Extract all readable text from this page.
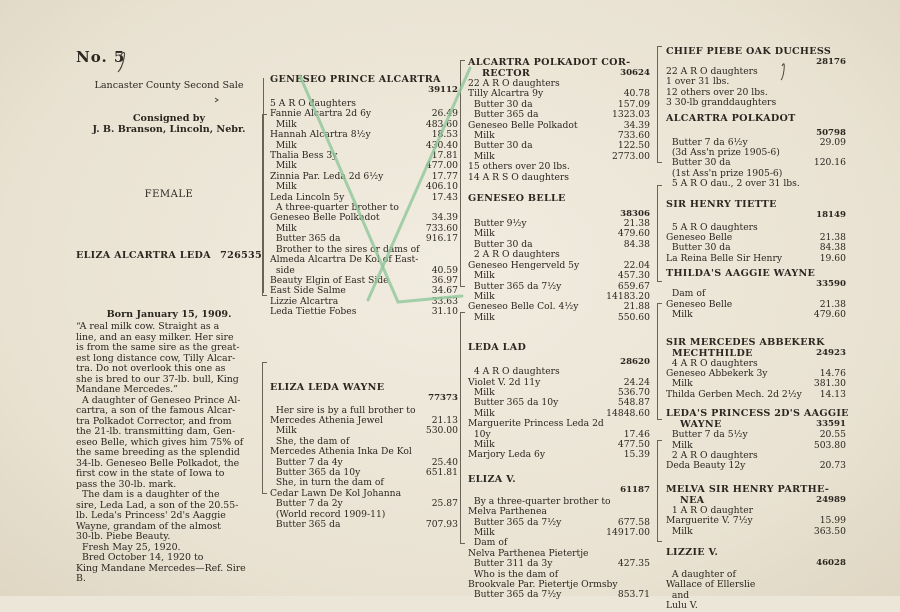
No. 5
Lancaster County Second Sale
Consigned by
J. B. Branson, Lincoln, Nebr.
FEMALE
ELIZA ALCARTRA LEDA 726535
Born January 15, 1909.
“A real milk cow. Straight as a
line, and an easy milker. Her sire
is from the same sire as the great-
est long distance cow, Tilly Alcar-
tra. Do not overlook this one as
she is bred to our 37-lb. bull, King
Mandane Mercedes.”
A daughter of Geneseo Prince Al-
cartra, a son of the famous Alcar-
tra Polkadot Corrector, and from
the 21-lb. transmitting dam, Gen-
eseo Belle, which gives him 75% of
the same breeding as the splendid
34-lb. Geneseo Belle Polkadot, the
first cow in the state of Iowa to
pass the 30-lb. mark.
The dam is a daughter of the
sire, Leda Lad, a son of the 20.55-
lb. Leda's Princess' 2d's Aaggie
Wayne, grandam of the almost
30-lb. Piebe Beauty.
Fresh May 25, 1920.
Bred October 14, 1920 to
King Mandane Mercedes—Ref. Sire
B.
GENESEO PRINCE ALCARTRA
39112
5 A R O daughters
Fannie Alcartra 2d 6y	26.49
Milk	483.60
Hannah Alcartra 8½y	18.53
Milk	430.40
Thalia Bess 3y	17.81
Milk	477.00
Zinnia Par. Leda 2d 6½y	17.77
Milk	406.10
Leda Lincoln 5y	17.43
A three-quarter brother to
Geneseo Belle Polkadot	34.39
Milk	733.60
Butter 365 da	916.17
Brother to the sires or dams of
Almeda Alcartra De Kol of East-
side	40.59
Beauty Elgin of East Side	36.97
East Side Salme	34.67
Lizzie Alcartra	33.63
Leda Tiettie Fobes	31.10
ELIZA LEDA WAYNE
77373
Her sire is by a full brother to
Mercedes Athenia Jewel	21.13
Milk	530.00
She, the dam of
Mercedes Athenia Inka De Kol
Butter 7 da 4y	25.40
Butter 365 da 10y	651.81
She, in turn the dam of
Cedar Lawn De Kol Johanna
Butter 7 da 2y	25.87
(World record 1909-11)
Butter 365 da	707.93
ALCARTRA POLKADOT COR-
RECTOR	30624
22 A R O daughters
Tilly Alcartra 9y	40.78
Butter 30 da	157.09
Butter 365 da	1323.03
Geneseo Belle Polkadot	34.39
Milk	733.60
Butter 30 da	122.50
Milk	2773.00
15 others over 20 lbs.
14 A R S O daughters
GENESEO BELLE
38306
Butter 9½y	21.38
Milk	479.60
Butter 30 da	84.38
2 A R O daughters
Geneseo Hengerveld 5y	22.04
Milk	457.30
Butter 365 da 7½y	659.67
Milk	14183.20
Geneseo Belle Col. 4½y	21.88
Milk	550.60
LEDA LAD
28620
4 A R O daughters
Violet V. 2d 11y	24.24
Milk	536.70
Butter 365 da 10y	548.87
Milk	14848.60
Marguerite Princess Leda 2d
10y	17.46
Milk	477.50
Marjory Leda 6y	15.39
ELIZA V.
61187
By a three-quarter brother to
Melva Parthenea
Butter 365 da 7½y	677.58
Milk	14917.00
Dam of
Nelva Parthenea Pietertje
Butter 311 da 3y	427.35
Who is the dam of
Brookvale Par. Pietertje Ormsby
Butter 365 da 7½y	853.71
CHIEF PIEBE OAK DUCHESS
28176
22 A R O daughters
1 over 31 lbs.
12 others over 20 lbs.
3 30-lb granddaughters
ALCARTRA POLKADOT
50798
Butter 7 da 6½y	29.09
(3d Ass'n prize 1905-6)
Butter 30 da	120.16
(1st Ass'n prize 1905-6)
5 A R O dau., 2 over 31 lbs.
SIR HENRY TIETTE
18149
5 A R O daughters
Geneseo Belle	21.38
Butter 30 da	84.38
La Reina Belle Sir Henry	19.60
THILDA'S AAGGIE WAYNE
33590
Dam of
Geneseo Belle	21.38
Milk	479.60
SIR MERCEDES ABBEKERK
MECHTHILDE	24923
4 A R O daughters
Geneseo Abbekerk 3y	14.76
Milk	381.30
Thilda Gerben Mech. 2d 2½y 14.13
LEDA'S PRINCESS 2D'S AAGGIE
WAYNE	33591
Butter 7 da 5½y	20.55
Milk	503.80
2 A R O daughters
Deda Beauty 12y	20.73
MELVA SIR HENRY PARTHE-
NEA	24989
1 A R O daughter
Marguerite V. 7½y	15.99
Milk	363.50
LIZZIE V.
46028
A daughter of
Wallace of Ellerslie
and
Lulu V.
